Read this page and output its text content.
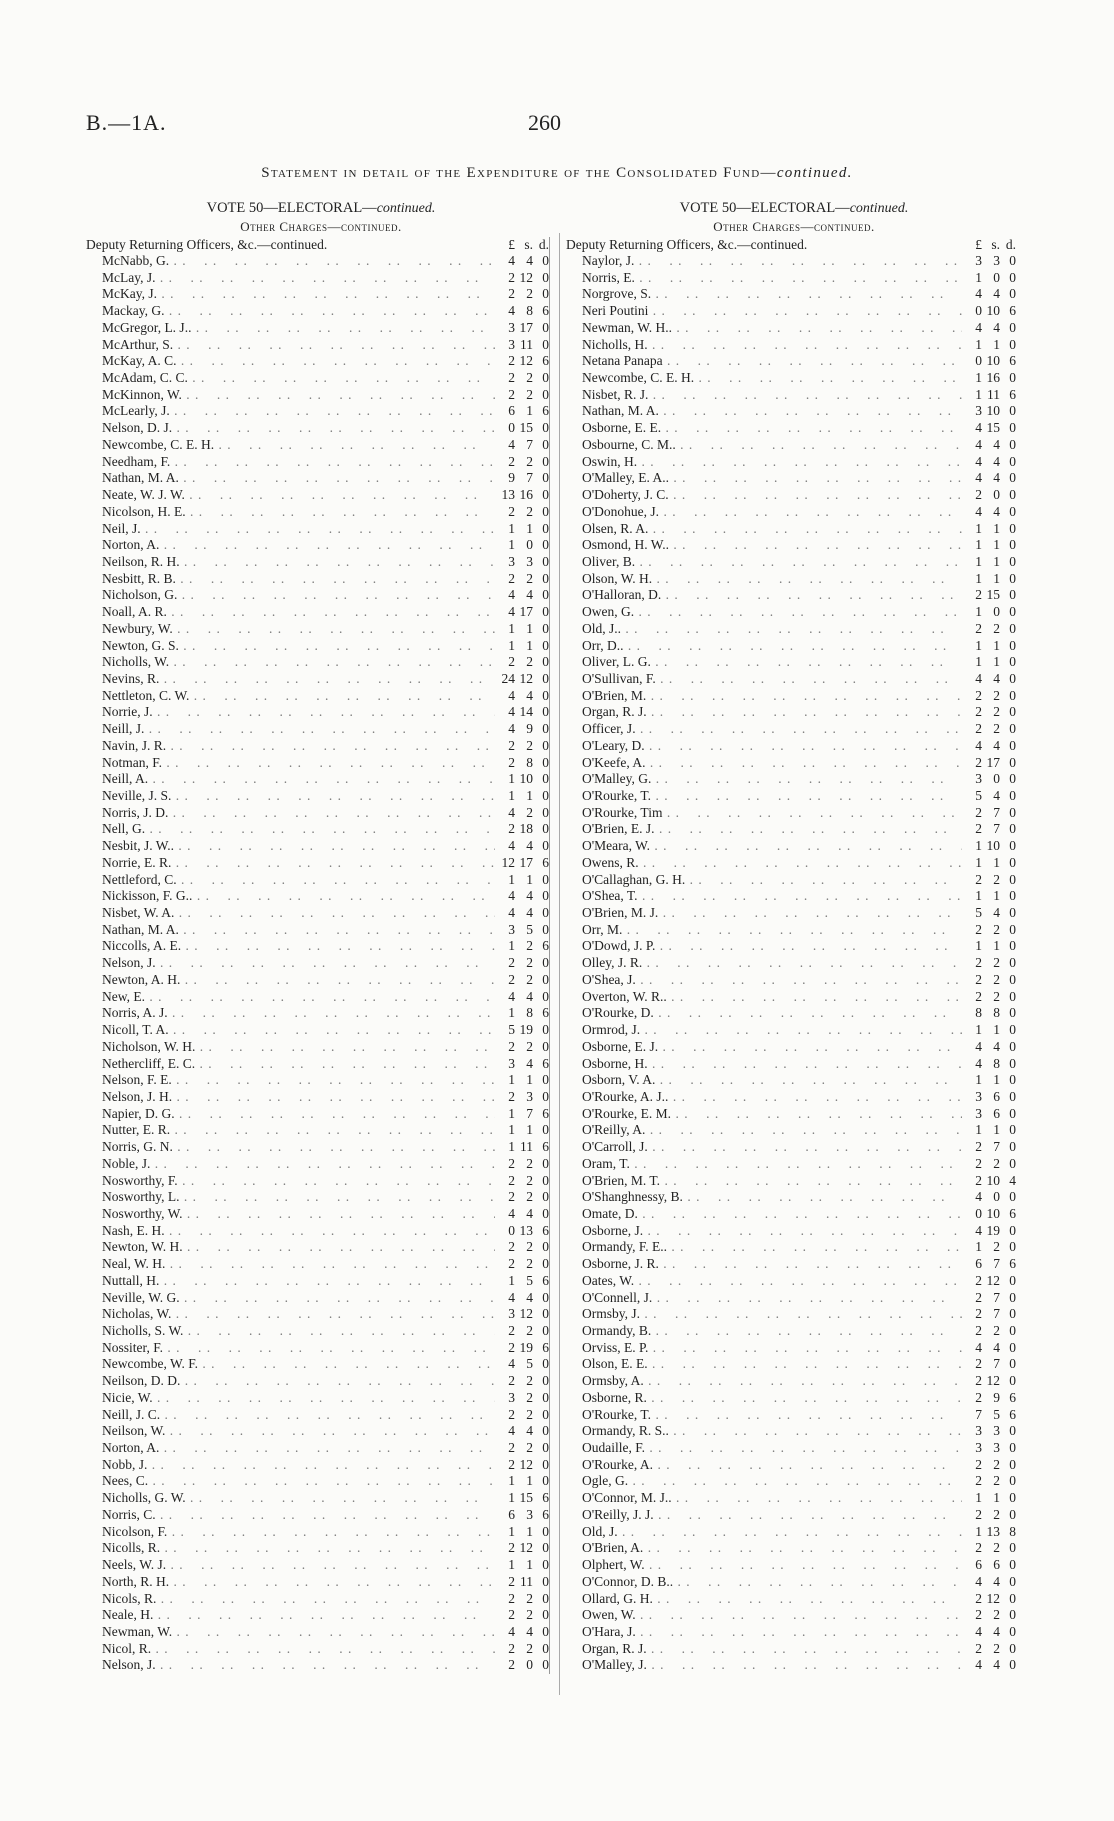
B.—1A.	260
Statement in detail of the Expenditure of the Consolidated Fund—continued.
VOTE 50—ELECTORAL—continued.
Other Charges—continued.
Deputy Returning Officers, &c.—continued.	£ s. d.
McNabb, G. . .	4 4 0
McLay, J. . .	2 12 0
McKay, J. . .	2 2 0
Mackay, G. . .	4 8 6
McGregor, L. J.. . .	3 17 0
McArthur, S. . .	3 11 0
McKay, A. C. . .	2 12 6
McAdam, C. C. . .	2 2 0
McKinnon, W. . .	2 2 0
McLearly, J. . .	6 1 6
Nelson, D. J. . .	0 15 0
Newcombe, C. E. H. . .	4 7 0
Needham, F. . .	2 2 0
Nathan, M. A. . .	9 7 0
Neate, W. J. W. . .	13 16 0
Nicolson, H. E. . .	2 2 0
Neil, J. . .	1 1 0
Norton, A. . .	1 0 0
Neilson, R. H. . .	3 3 0
Nesbitt, R. B. . .	2 2 0
Nicholson, G. . .	4 4 0
Noall, A. R. . .	4 17 0
Newbury, W. . .	1 1 0
Newton, G. S. . .	1 1 0
Nicholls, W. . .	2 2 0
Nevins, R. . .	24 12 0
Nettleton, C. W. . .	4 4 0
Norrie, J. . .	4 14 0
Neill, J. . .	4 9 0
Navin, J. R. . .	2 2 0
Notman, F. . .	2 8 0
Neill, A. . .	1 10 0
Neville, J. S. . .	1 1 0
Norris, J. D. . .	4 2 0
Nell, G. . .	2 18 0
Nesbit, J. W.. . .	4 4 0
Norrie, E. R. . .	12 17 6
Nettleford, C. . .	1 1 0
Nickisson, F. G.. . .	4 4 0
Nisbet, W. A. . .	4 4 0
Nathan, M. A. . .	3 5 0
Niccolls, A. E. . .	1 2 6
Nelson, J. . .	2 2 0
Newton, A. H. . .	2 2 0
New, E. . .	4 4 0
Norris, A. J. . .	1 8 6
Nicoll, T. A. . .	5 19 0
Nicholson, W. H. . .	2 2 0
Nethercliff, E. C. . .	3 4 6
Nelson, F. E. . .	1 1 0
Nelson, J. H. . .	2 3 0
Napier, D. G. . .	1 7 6
Nutter, E. R. . .	1 1 0
Norris, G. N. . .	1 11 6
Noble, J. . .	2 2 0
Nosworthy, F. . .	2 2 0
Nosworthy, L. . .	2 2 0
Nosworthy, W. . .	4 4 0
Nash, E. H. . .	0 13 6
Newton, W. H. . .	2 2 0
Neal, W. H. . .	2 2 0
Nuttall, H. . .	1 5 6
Neville, W. G. . .	4 4 0
Nicholas, W. . .	3 12 0
Nicholls, S. W. . .	2 2 0
Nossiter, F. . .	2 19 6
Newcombe, W. F. . .	4 5 0
Neilson, D. D. . .	2 2 0
Nicie, W. . .	3 2 0
Neill, J. C. . .	2 2 0
Neilson, W. . .	4 4 0
Norton, A. . .	2 2 0
Nobb, J. . .	2 12 0
Nees, C. . .	1 1 0
Nicholls, G. W. . .	1 15 6
Norris, C. . .	6 3 6
Nicolson, F. . .	1 1 0
Nicolls, R. . .	2 12 0
Neels, W. J. . .	1 1 0
North, R. H. . .	2 11 0
Nicols, R. . .	2 2 0
Neale, H. . .	2 2 0
Newman, W. . .	4 4 0
Nicol, R. . .	2 2 0
Nelson, J. . .	2 0 0
VOTE 50—ELECTORAL—continued.
Other Charges—continued.
Deputy Returning Officers, &c.—continued.	£ s. d.
Naylor, J. . .	3 3 0
Norris, E. . .	1 0 0
Norgrove, S. . .	4 4 0
Neri Poutini . .	0 10 6
Newman, W. H.. . .	4 4 0
Nicholls, H. . .	1 1 0
Netana Panapa . .	0 10 6
Newcombe, C. E. H. . .	1 16 0
Nisbet, R. J. . .	1 11 6
Nathan, M. A. . .	3 10 0
Osborne, E. E. . .	4 15 0
Osbourne, C. M.. . .	4 4 0
Oswin, H. . .	4 4 0
O'Malley, E. A.. . .	4 4 0
O'Doherty, J. C. . .	2 0 0
O'Donohue, J. . .	4 4 0
Olsen, R. A. . .	1 1 0
Osmond, H. W.. . .	1 1 0
Oliver, B. . .	1 1 0
Olson, W. H. . .	1 1 0
O'Halloran, D. . .	2 15 0
Owen, G. . .	1 0 0
Old, J.. . .	2 2 0
Orr, D.. . .	1 1 0
Oliver, L. G. . .	1 1 0
O'Sullivan, F. . .	4 4 0
O'Brien, M. . .	2 2 0
Organ, R. J. . .	2 2 0
Officer, J. . .	2 2 0
O'Leary, D. . .	4 4 0
O'Keefe, A. . .	2 17 0
O'Malley, G. . .	3 0 0
O'Rourke, T. . .	5 4 0
O'Rourke, Tim . .	2 7 0
O'Brien, E. J. . .	2 7 0
O'Meara, W. . .	1 10 0
Owens, R. . .	1 1 0
O'Callaghan, G. H. . .	2 2 0
O'Shea, T. . .	1 1 0
O'Brien, M. J. . .	5 4 0
Orr, M. . .	2 2 0
O'Dowd, J. P. . .	1 1 0
Olley, J. R. . .	2 2 0
O'Shea, J. . .	2 2 0
Overton, W. R.. . .	2 2 0
O'Rourke, D. . .	8 8 0
Ormrod, J. . .	1 1 0
Osborne, E. J. . .	4 4 0
Osborne, H. . .	4 8 0
Osborn, V. A. . .	1 1 0
O'Rourke, A. J.. . .	3 6 0
O'Rourke, E. M. . .	3 6 0
O'Reilly, A. . .	1 1 0
O'Carroll, J. . .	2 7 0
Oram, T. . .	2 2 0
O'Brien, M. T. . .	2 10 4
O'Shanghnessy, B. . .	4 0 0
Omate, D. . .	0 10 6
Osborne, J. . .	4 19 0
Ormandy, F. E.. . .	1 2 0
Osborne, J. R. . .	6 7 6
Oates, W. . .	2 12 0
O'Connell, J. . .	2 7 0
Ormsby, J. . .	2 7 0
Ormandy, B. . .	2 2 0
Orviss, E. P. . .	4 4 0
Olson, E. E. . .	2 7 0
Ormsby, A. . .	2 12 0
Osborne, R. . .	2 9 6
O'Rourke, T. . .	7 5 6
Ormandy, R. S.. . .	3 3 0
Oudaille, F. . .	3 3 0
O'Rourke, A. . .	2 2 0
Ogle, G. . .	2 2 0
O'Connor, M. J.. . .	1 1 0
O'Reilly, J. J. . .	2 2 0
Old, J. . .	1 13 8
O'Brien, A. . .	2 2 0
Olphert, W. . .	6 6 0
O'Connor, D. B.. . .	4 4 0
Ollard, G. H. . .	2 12 0
Owen, W. . .	2 2 0
O'Hara, J. . .	4 4 0
Organ, R. J. . .	2 2 0
O'Malley, J. . .	4 4 0
